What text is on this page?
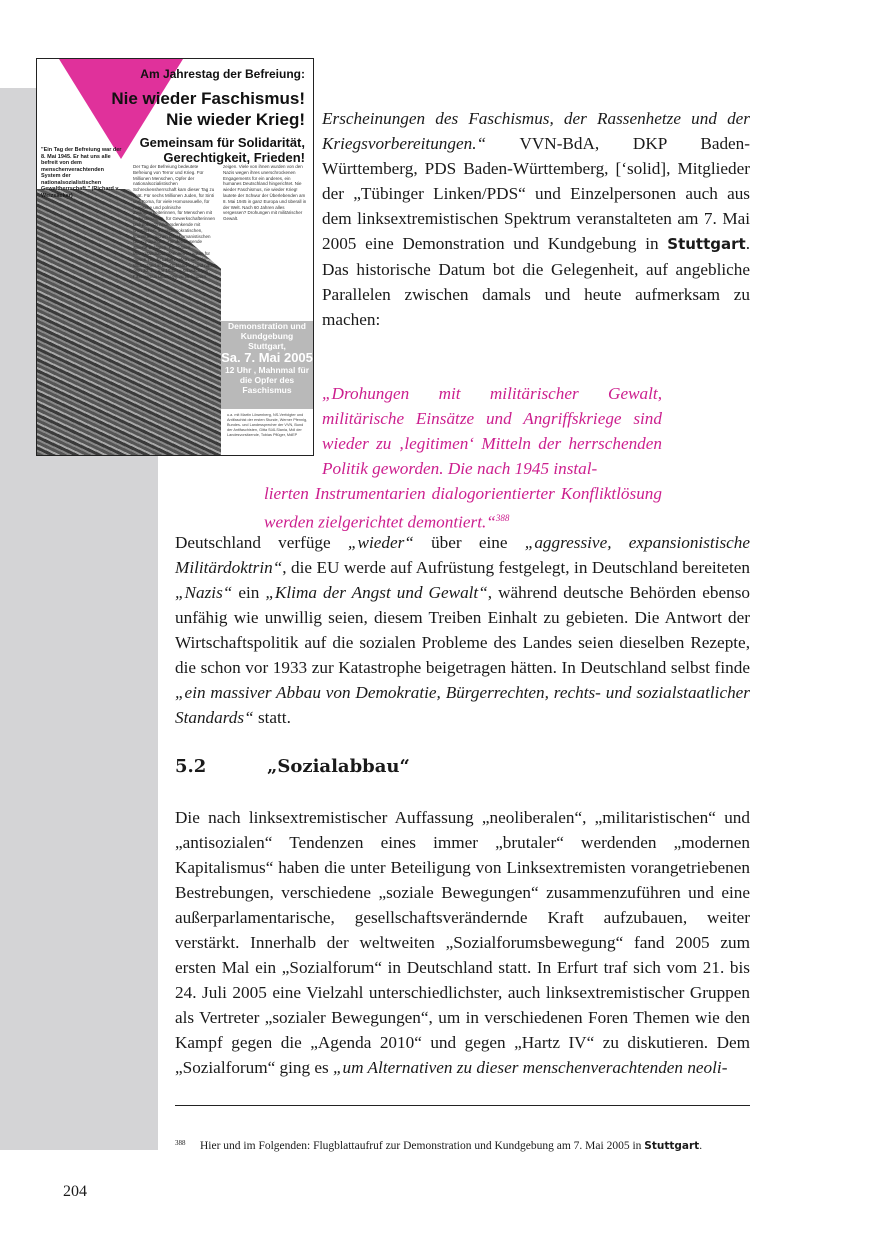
Am Jahrestag der Befreiung:
Nie wieder Faschismus!
Nie wieder Krieg!
Gemeinsam für Solidarität, Gerechtigkeit, Frieden!
"Ein Tag der Befreiung war der 8. Mai 1945. Er hat uns alle befreit von dem menschenverachtenden System der nationalsozialistischen Gewaltherrschaft." (Richard v. Weizsäcker)
Der Tag der Befreiung bedeutete Befreiung von Terror und Krieg. Für Millionen Menschen, Opfer der nationalsozialistischen Schreckensherrschaft kam dieser Tag zu spät. Für sechs Millionen Juden, für Sinti und Roma, für viele Homosexuelle, für russische und polnische Zwangsarbeiterinnen, für Menschen mit Behinderungen, für Gewerkschafterinnen und politisch Andersdenkende mit christlichen, sozialdemokratischen, kommunistischen oder humanistischen Überzeugungen. Hunderttausende alliierte Soldaten, Partisanen, Widerstandskämpferinnen mussten für diesen Tag ihr Leben opfern, weil der Widerstand in Deutschland vor und nach dem 30. Januar 1933 zu schwach war. Faschismus und Krieg zu verhindern.
zeigen. Viele von ihnen wurden von den Nazis wegen ihres unerschrockenen Engagements für ein anderes, ein humanes Deutschland hingerichtet. Nie wieder Faschismus, nie wieder Krieg! lautete der Schwur der Überlebenden am 8. Mai 1945 in ganz Europa und überall in der Welt. Nach 60 Jahren alles vergessen? Drohungen mit militärischer Gewalt.
Demonstration und Kundgebung
Stuttgart,
Sa. 7. Mai 2005
12 Uhr , Mahnmal für die Opfer des Faschismus
u.a. mit Martin Löwenberg, NS-Verfolgter und Antifaschist der ersten Stunde, Werner Pfennig, Bundes- und Landessprecher der VVN, Bund der Antifaschisten, Gitta Süß-Slania, Mdl der Landesvorsitzende, Tobias Pflüger, MdEP

Erscheinungen des Faschismus, der Rassenhetze und der Kriegsvorbereitungen.“ VVN-BdA, DKP Baden-Württemberg, PDS Baden-Württemberg, [‘solid], Mitglieder der „Tübinger Linken/PDS“ und Einzelpersonen auch aus dem linksextremistischen Spektrum veranstalteten am 7. Mai 2005 eine Demonstration und Kundgebung in Stuttgart. Das historische Datum bot die Gelegenheit, auf angebliche Parallelen zwischen damals und heute aufmerksam zu machen:

„Drohungen mit militärischer Gewalt, militärische Einsätze und Angriffskriege sind wieder zu ‚legitimen‘ Mitteln der herrschenden Politik geworden. Die nach 1945 instal-
lierten Instrumentarien dialogorientierter Konfliktlösung werden zielgerichtet demontiert.“$^{388}$

Deutschland verfüge „wieder“ über eine „aggressive, expansionistische Militärdoktrin“, die EU werde auf Aufrüstung festgelegt, in Deutschland bereiteten „Nazis“ ein „Klima der Angst und Gewalt“, während deutsche Behörden ebenso unfähig wie unwillig seien, diesem Treiben Einhalt zu gebieten. Die Antwort der Wirtschaftspolitik auf die sozialen Probleme des Landes seien dieselben Rezepte, die schon vor 1933 zur Katastrophe beigetragen hätten. In Deutschland selbst finde „ein massiver Abbau von Demokratie, Bürgerrechten, rechts- und sozialstaatlicher Standards“ statt.

5.2	„Sozialabbau“

Die nach linksextremistischer Auffassung „neoliberalen“, „militaristischen“ und „antisozialen“ Tendenzen eines immer „brutaler“ werdenden „modernen Kapitalismus“ haben die unter Beteiligung von Linksextremisten vorangetriebenen Bestrebungen, verschiedene „soziale Bewegungen“ zusammenzuführen und eine außerparlamentarische, gesellschaftsverändernde Kraft aufzubauen, weiter verstärkt. Innerhalb der weltweiten „Sozialforumsbewegung“ fand 2005 zum ersten Mal ein „Sozialforum“ in Deutschland statt. In Erfurt traf sich vom 21. bis 24. Juli 2005 eine Vielzahl unterschiedlichster, auch linksextremistischer Gruppen als Vertreter „sozialer Bewegungen“, um in verschiedenen Foren Themen wie den Kampf gegen die „Agenda 2010“ und gegen „Hartz IV“ zu diskutieren. Dem „Sozialforum“ ging es „um Alternativen zu dieser menschenverachtenden neoli-

388	Hier und im Folgenden: Flugblattaufruf zur Demonstration und Kundgebung am 7. Mai 2005 in Stuttgart.
204
